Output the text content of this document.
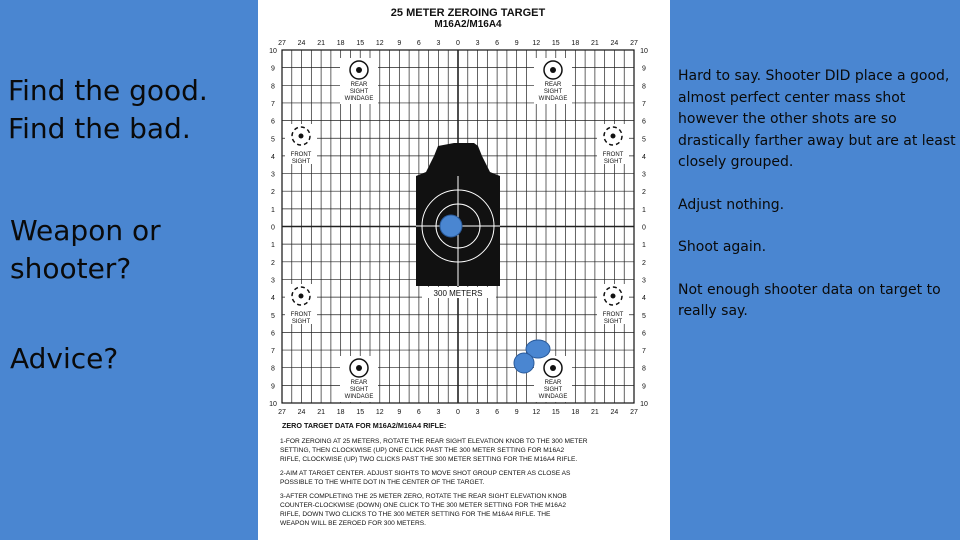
Find the good.
Find the bad.
Weapon or
shooter?
Advice?
25 METER ZEROING TARGET
M16A2/M16A4
27
27
24
24
21
21
18
18
15
15
12
12
9
9
6
6
3
3
0
0
3
3
6
6
9
9
12
12
15
15
18
18
21
21
24
24
27
27
10	10
9	9
8	8
7	7
6	6
5	5
4	4
3	3
2	2
1	1
0	0
1	1
2	2
3	3
4	4
5	5
6	6
7	7
8	8
9	9
10	10
300 METERS
REAR
SIGHT
WINDAGE
REAR
SIGHT
WINDAGE
REAR
SIGHT
WINDAGE
REAR
SIGHT
WINDAGE
FRONT
SIGHT
FRONT
SIGHT
FRONT
SIGHT
FRONT
SIGHT
ZERO TARGET DATA FOR M16A2/M16A4 RIFLE:
1-FOR ZEROING AT 25 METERS, ROTATE THE REAR SIGHT ELEVATION KNOB TO THE 300 METER
SETTING, THEN CLOCKWISE (UP) ONE CLICK PAST THE 300 METER SETTING FOR M16A2
RIFLE, CLOCKWISE (UP) TWO CLICKS PAST THE 300 METER SETTING FOR THE M16A4 RIFLE.
2-AIM AT TARGET CENTER. ADJUST SIGHTS TO MOVE SHOT GROUP CENTER AS CLOSE AS
POSSIBLE TO THE WHITE DOT IN THE CENTER OF THE TARGET.
3-AFTER COMPLETING THE 25 METER ZERO, ROTATE THE REAR SIGHT ELEVATION KNOB
COUNTER-CLOCKWISE (DOWN) ONE CLICK TO THE 300 METER SETTING FOR THE M16A2
RIFLE, DOWN TWO CLICKS TO THE 300 METER SETTING FOR THE M16A4 RIFLE. THE
WEAPON WILL BE ZEROED FOR 300 METERS.

Hard to say. Shooter DID place a good, almost perfect center mass shot however the other shots are so drastically farther away but are at least closely grouped.

Adjust nothing.

Shoot again.

Not enough shooter data on target to really say.
